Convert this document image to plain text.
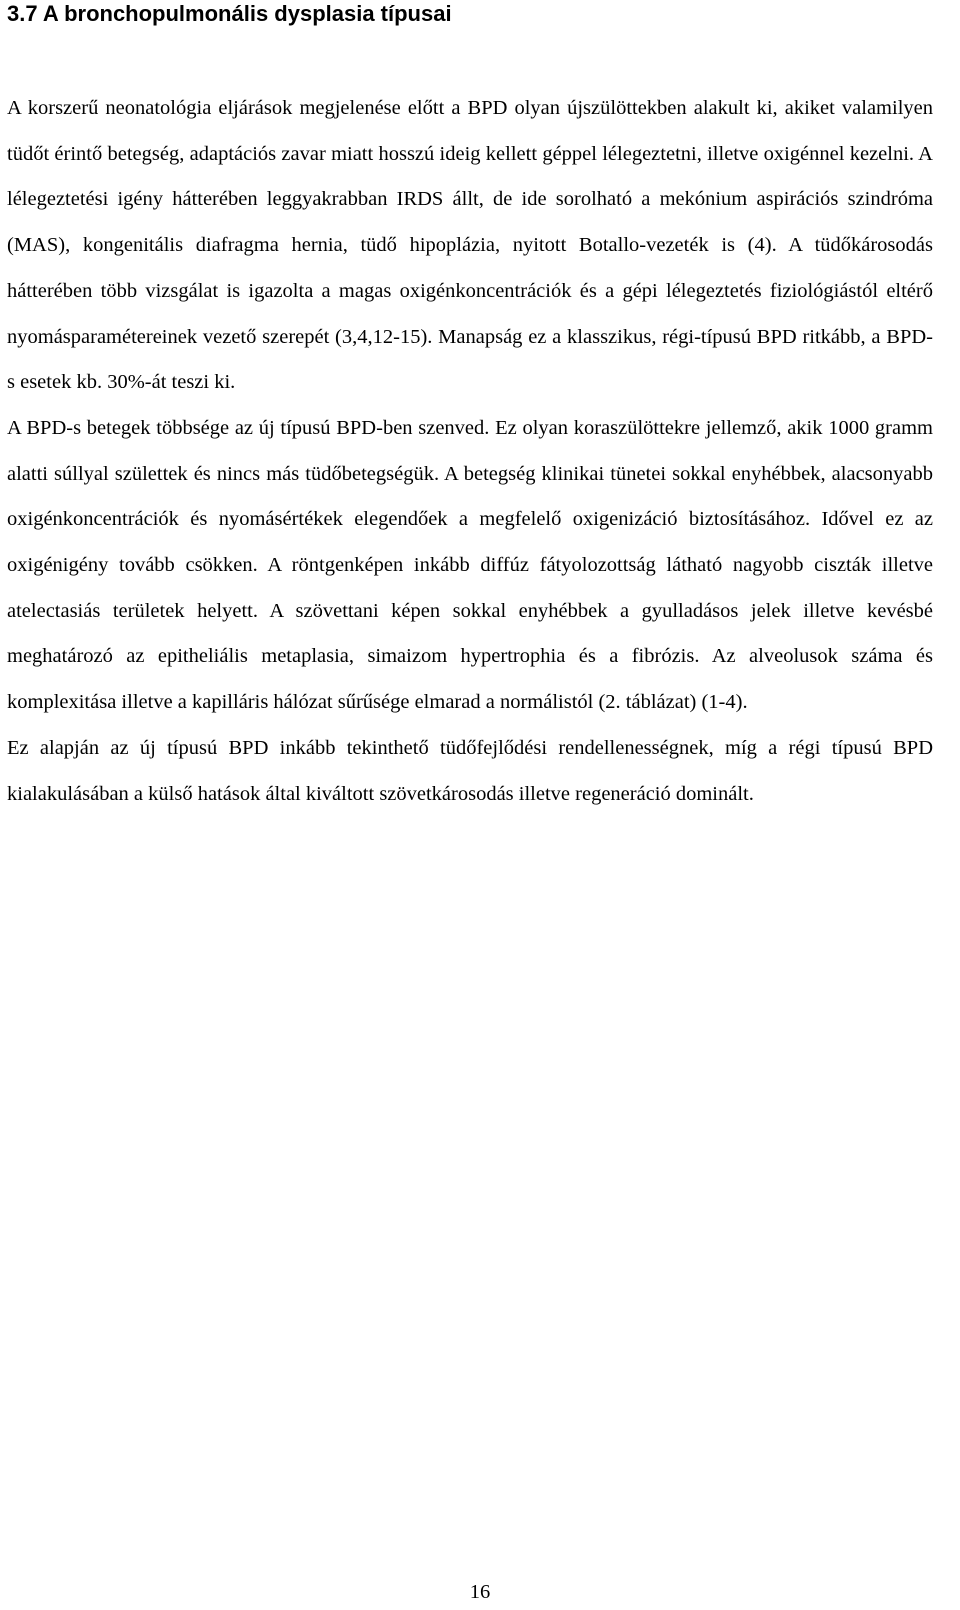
3.7 A bronchopulmonális dysplasia típusai

A korszerű neonatológia eljárások megjelenése előtt a BPD olyan újszülöttekben alakult ki, akiket valamilyen tüdőt érintő betegség, adaptációs zavar miatt hosszú ideig kellett géppel lélegeztetni, illetve oxigénnel kezelni. A lélegeztetési igény hátterében leggyakrabban IRDS állt, de ide sorolható a mekónium aspirációs szindróma (MAS), kongenitális diafragma hernia, tüdő hipoplázia, nyitott Botallo-vezeték is (4). A tüdőkárosodás hátterében több vizsgálat is igazolta a magas oxigénkoncentrációk és a gépi lélegeztetés fiziológiástól eltérő nyomásparamétereinek vezető szerepét (3,4,12-15). Manapság ez a klasszikus, régi-típusú BPD ritkább, a BPD-s esetek kb. 30%-át teszi ki.

A BPD-s betegek többsége az új típusú BPD-ben szenved. Ez olyan koraszülöttekre jellemző, akik 1000 gramm alatti súllyal születtek és nincs más tüdőbetegségük. A betegség klinikai tünetei sokkal enyhébbek, alacsonyabb oxigénkoncentrációk és nyomásértékek elegendőek a megfelelő oxigenizáció biztosításához. Idővel ez az oxigénigény tovább csökken. A röntgenképen inkább diffúz fátyolozottság látható nagyobb ciszták illetve atelectasiás területek helyett. A szövettani képen sokkal enyhébbek a gyulladásos jelek illetve kevésbé meghatározó az epitheliális metaplasia, simaizom hypertrophia és a fibrózis. Az alveolusok száma és komplexitása illetve a kapilláris hálózat sűrűsége elmarad a normálistól (2. táblázat) (1-4).

Ez alapján az új típusú BPD inkább tekinthető tüdőfejlődési rendellenességnek, míg a régi típusú BPD kialakulásában a külső hatások által kiváltott szövetkárosodás illetve regeneráció dominált.

16
